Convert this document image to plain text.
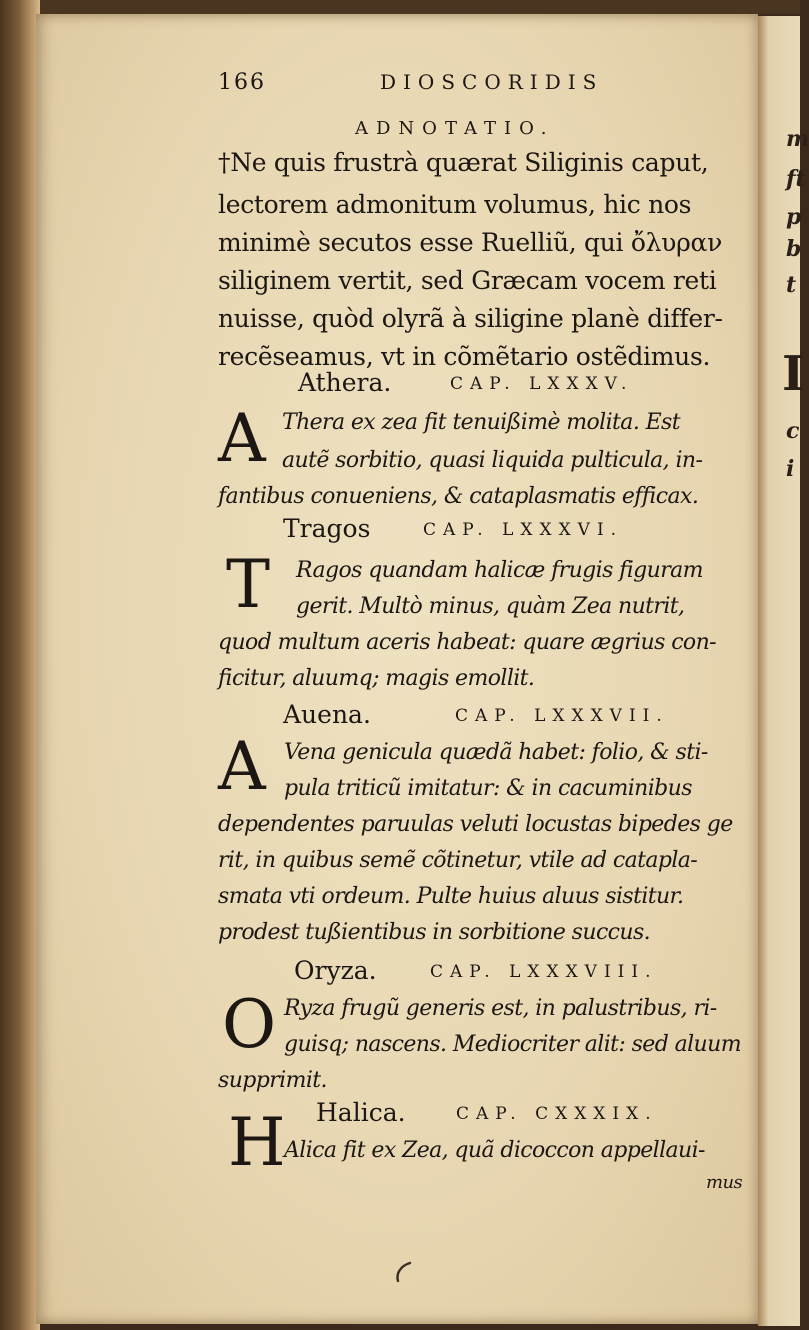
m
ft
p
b
t
I
c
i
166	DIOSCORIDIS
ADNOTATIO.
†Ne quis frustrà quærat Siliginis caput,
lectorem admonitum volumus, hic nos
minimè secutos esse Ruelliũ, qui ὄλυραν
siliginem vertit, sed Græcam vocem reti
nuisse, quòd olyrã à siligine planè differ-
recẽseamus, vt in cõmẽtario ostẽdimus.
Athera.	CAP. LXXXV.
A Thera ex zea fit tenuißimè molita. Est
autẽ sorbitio, quasi liquida pulticula, in-
fantibus conueniens, & cataplasmatis efficax.
Tragos	CAP. LXXXVI.
T Ragos quandam halicæ frugis figuram
gerit. Multò minus, quàm Zea nutrit,
quod multum aceris habeat: quare ægrius con-
ficitur, aluumq; magis emollit.
Auena.	CAP. LXXXVII.
A Vena genicula quædã habet: folio, & sti-
pula triticũ imitatur: & in cacuminibus
dependentes paruulas veluti locustas bipedes ge
rit, in quibus semẽ cõtinetur, vtile ad catapla-
smata vti ordeum. Pulte huius aluus sistitur.
prodest tußientibus in sorbitione succus.
Oryza.	CAP. LXXXVIII.
O Ryza frugũ generis est, in palustribus, ri-
guisq; nascens. Mediocriter alit: sed aluum
supprimit.
Halica.	CAP. CXXXIX.
H
Alica fit ex Zea, quã dicoccon appellaui-
mus
